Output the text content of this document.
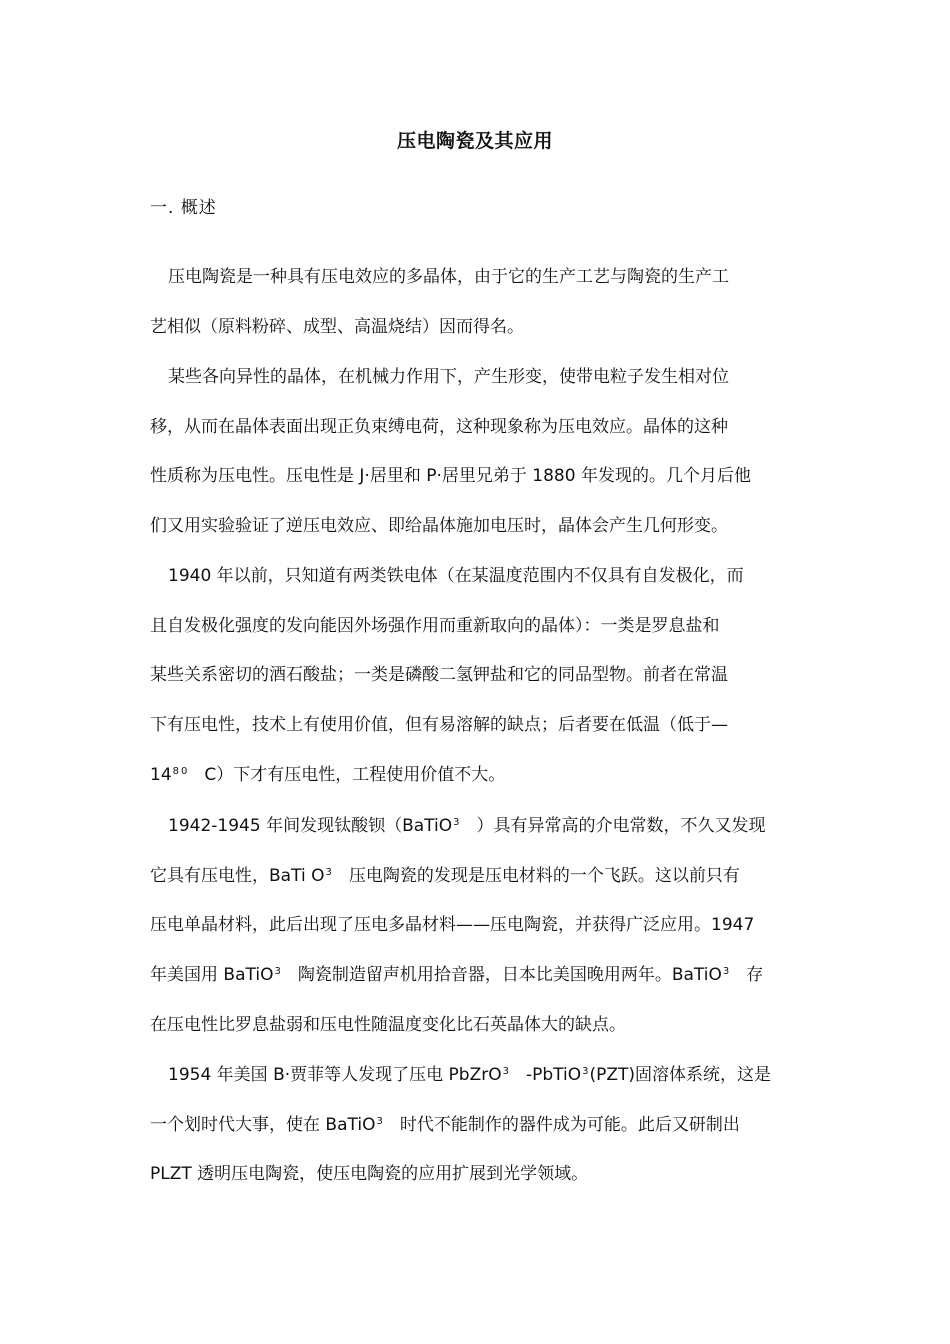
压电陶瓷及其应用
一. 概述
压电陶瓷是一种具有压电效应的多晶体，由于它的生产工艺与陶瓷的生产工
艺相似（原料粉碎、成型、高温烧结）因而得名。
某些各向异性的晶体，在机械力作用下，产生形变，使带电粒子发生相对位
移，从而在晶体表面出现正负束缚电荷，这种现象称为压电效应。晶体的这种
性质称为压电性。压电性是 J·居里和 P·居里兄弟于 1880 年发现的。几个月后他
们又用实验验证了逆压电效应、即给晶体施加电压时，晶体会产生几何形变。
1940 年以前，只知道有两类铁电体（在某温度范围内不仅具有自发极化，而
且自发极化强度的发向能因外场强作用而重新取向的晶体）：一类是罗息盐和
某些关系密切的酒石酸盐；一类是磷酸二氢钾盐和它的同品型物。前者在常温
下有压电性，技术上有使用价值，但有易溶解的缺点；后者要在低温（低于—
$14^8$ $^0$ C）下才有压电性，工程使用价值不大。
1942-1945 年间发现钛酸钡（BaTiO$^3$ ）具有异常高的介电常数，不久又发现
它具有压电性，BaTi $O^3$ 压电陶瓷的发现是压电材料的一个飞跃。这以前只有
压电单晶材料，此后出现了压电多晶材料——压电陶瓷，并获得广泛应用。1947
年美国用 BaTiO$^3$ 陶瓷制造留声机用拾音器，日本比美国晚用两年。BaTiO$^3$ 存
在压电性比罗息盐弱和压电性随温度变化比石英晶体大的缺点。
1954 年美国 B·贾菲等人发现了压电 PbZrO$^3$ -PbTiO$^3$(PZT)固溶体系统，这是
一个划时代大事，使在 BaTiO$^3$ 时代不能制作的器件成为可能。此后又研制出
PLZT 透明压电陶瓷，使压电陶瓷的应用扩展到光学领域。
